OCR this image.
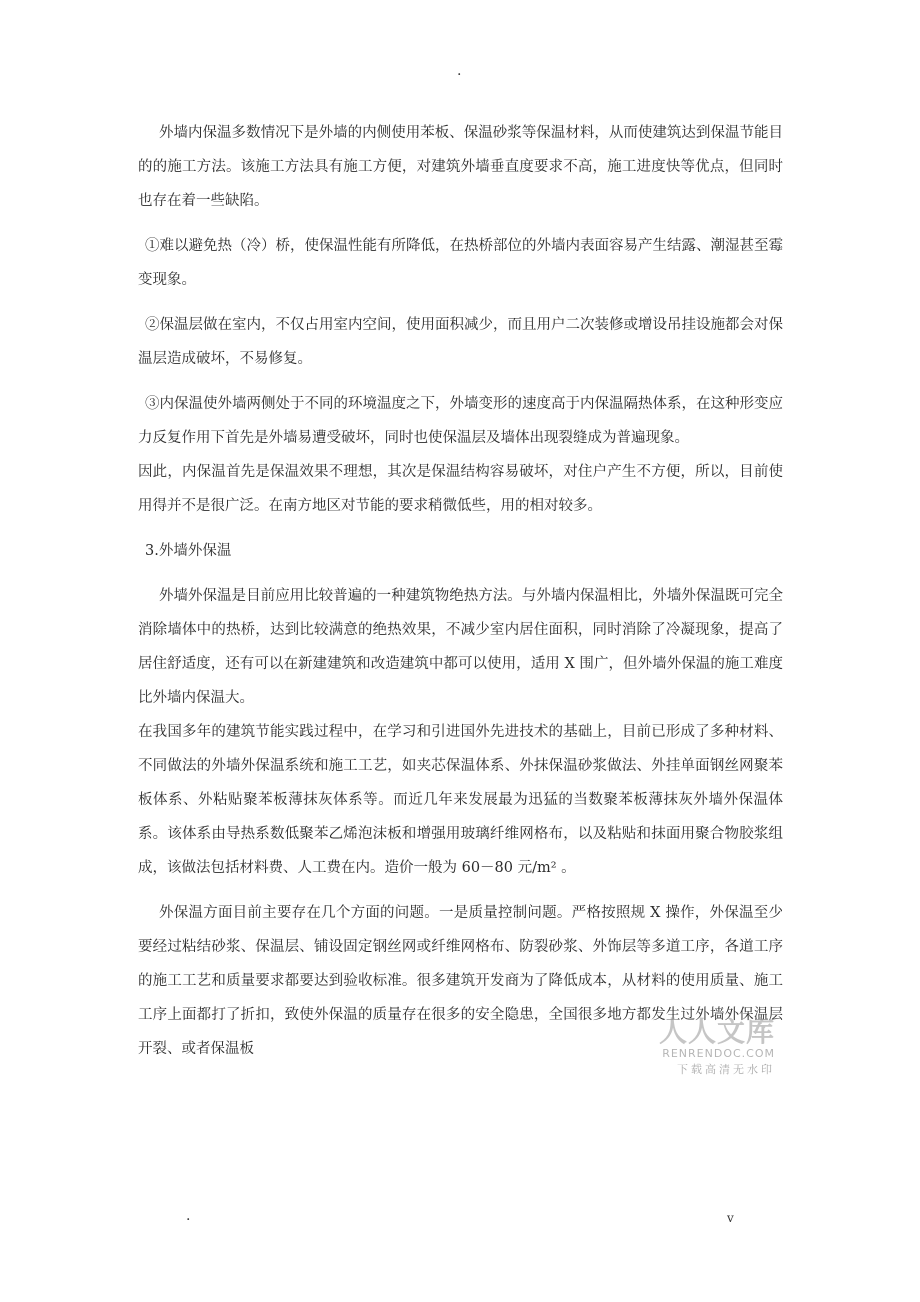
.

外墙内保温多数情况下是外墙的内侧使用苯板、保温砂浆等保温材料，从而使建筑达到保温节能目的的施工方法。该施工方法具有施工方便，对建筑外墙垂直度要求不高，施工进度快等优点，但同时也存在着一些缺陷。

①难以避免热（冷）桥，使保温性能有所降低，在热桥部位的外墙内表面容易产生结露、潮湿甚至霉变现象。

②保温层做在室内，不仅占用室内空间，使用面积减少，而且用户二次装修或增设吊挂设施都会对保温层造成破坏，不易修复。

③内保温使外墙两侧处于不同的环境温度之下，外墙变形的速度高于内保温隔热体系，在这种形变应力反复作用下首先是外墙易遭受破坏，同时也使保温层及墙体出现裂缝成为普遍现象。

因此，内保温首先是保温效果不理想，其次是保温结构容易破坏，对住户产生不方便，所以，目前使用得并不是很广泛。在南方地区对节能的要求稍微低些，用的相对较多。

3.外墙外保温

外墙外保温是目前应用比较普遍的一种建筑物绝热方法。与外墙内保温相比，外墙外保温既可完全消除墙体中的热桥，达到比较满意的绝热效果，不减少室内居住面积，同时消除了冷凝现象，提高了居住舒适度，还有可以在新建建筑和改造建筑中都可以使用，适用 X 围广，但外墙外保温的施工难度比外墙内保温大。

在我国多年的建筑节能实践过程中，在学习和引进国外先进技术的基础上，目前已形成了多种材料、不同做法的外墙外保温系统和施工工艺，如夹芯保温体系、外抹保温砂浆做法、外挂单面钢丝网聚苯板体系、外粘贴聚苯板薄抹灰体系等。而近几年来发展最为迅猛的当数聚苯板薄抹灰外墙外保温体系。该体系由导热系数低聚苯乙烯泡沫板和增强用玻璃纤维网格布，以及粘贴和抹面用聚合物胶浆组成，该做法包括材料费、人工费在内。造价一般为 60－80 元/m² 。

外保温方面目前主要存在几个方面的问题。一是质量控制问题。严格按照规 X 操作，外保温至少要经过粘结砂浆、保温层、铺设固定钢丝网或纤维网格布、防裂砂浆、外饰层等多道工序，各道工序的施工工艺和质量要求都要达到验收标准。很多建筑开发商为了降低成本，从材料的使用质量、施工工序上面都打了折扣，致使外保温的质量存在很多的安全隐患，全国很多地方都发生过外墙外保温层开裂、或者保温板

人人文库
RENRENDOC.COM
下载高清无水印
.	v
